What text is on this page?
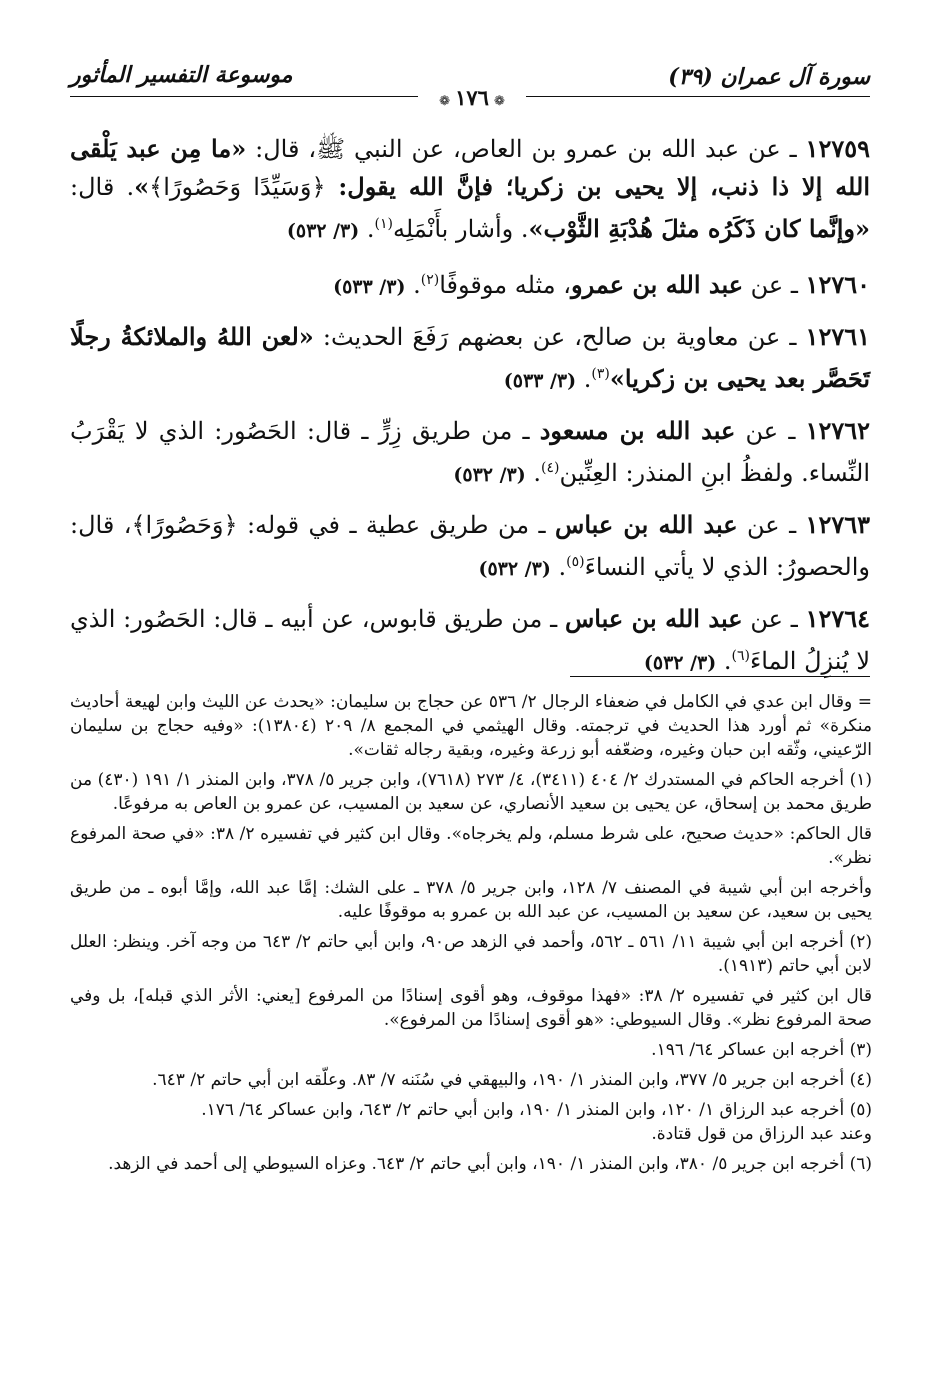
سورة آل عمران (٣٩)
موسوعة التفسير المأثور
❁ ١٧٦ ❁

١٢٧٥٩ ـ عن عبد الله بن عمرو بن العاص، عن النبي ﷺ، قال: «ما مِن عبد يَلْقى الله إلا ذا ذنب، إلا يحيى بن زكريا؛ فإنَّ الله يقول: ﴿وَسَيِّدًا وَحَصُورًا﴾». قال: «وإنَّما كان ذَكَرُه مثلَ هُدْبَةِ الثَّوْب». وأشار بأَنْمَلِه$^{(١)}$. (٣/ ٥٣٢)

١٢٧٦٠ ـ عن عبد الله بن عمرو، مثله موقوفًا$^{(٢)}$. (٣/ ٥٣٣)

١٢٧٦١ ـ عن معاوية بن صالح، عن بعضهم رَفَعَ الحديث: «لعن اللهُ والملائكةُ رجلًا تَحَصَّر بعد يحيى بن زكريا»$^{(٣)}$. (٣/ ٥٣٣)

١٢٧٦٢ ـ عن عبد الله بن مسعود ـ من طريق زِرٍّ ـ قال: الحَصُور: الذي لا يَقْرَبُ النِّساء. ولفظُ ابنِ المنذر: العِنِّين$^{(٤)}$. (٣/ ٥٣٢)

١٢٧٦٣ ـ عن عبد الله بن عباس ـ من طريق عطية ـ في قوله: ﴿وَحَصُورًا﴾، قال: والحصورُ: الذي لا يأتي النساءَ$^{(٥)}$. (٣/ ٥٣٢)

١٢٧٦٤ ـ عن عبد الله بن عباس ـ من طريق قابوس، عن أبيه ـ قال: الحَصُور: الذي لا يُنزِلُ الماءَ$^{(٦)}$. (٣/ ٥٣٢)

= وقال ابن عدي في الكامل في ضعفاء الرجال ٢/ ٥٣٦ عن حجاج بن سليمان: «يحدث عن الليث وابن لهيعة أحاديث منكرة» ثم أورد هذا الحديث في ترجمته. وقال الهيثمي في المجمع ٨/ ٢٠٩ (١٣٨٠٤): «وفيه حجاج بن سليمان الرّعيني، وثّقه ابن حبان وغيره، وضعّفه أبو زرعة وغيره، وبقية رجاله ثقات».

(١) أخرجه الحاكم في المستدرك ٢/ ٤٠٤ (٣٤١١)، ٤/ ٢٧٣ (٧٦١٨)، وابن جرير ٥/ ٣٧٨، وابن المنذر ١/ ١٩١ (٤٣٠) من طريق محمد بن إسحاق، عن يحيى بن سعيد الأنصاري، عن سعيد بن المسيب، عن عمرو بن العاص به مرفوعًا.

قال الحاكم: «حديث صحيح، على شرط مسلم، ولم يخرجاه». وقال ابن كثير في تفسيره ٢/ ٣٨: «في صحة المرفوع نظر».

وأخرجه ابن أبي شيبة في المصنف ٧/ ١٢٨، وابن جرير ٥/ ٣٧٨ ـ على الشك: إمَّا عبد الله، وإمَّا أبوه ـ من طريق يحيى بن سعيد، عن سعيد بن المسيب، عن عبد الله بن عمرو به موقوفًا عليه.

(٢) أخرجه ابن أبي شيبة ١١/ ٥٦١ ـ ٥٦٢، وأحمد في الزهد ص٩٠، وابن أبي حاتم ٢/ ٦٤٣ من وجه آخر. وينظر: العلل لابن أبي حاتم (١٩١٣).

قال ابن كثير في تفسيره ٢/ ٣٨: «فهذا موقوف، وهو أقوى إسنادًا من المرفوع [يعني: الأثر الذي قبله]، بل وفي صحة المرفوع نظر». وقال السيوطي: «هو أقوى إسنادًا من المرفوع».

(٣) أخرجه ابن عساكر ٦٤/ ١٩٦.

(٤) أخرجه ابن جرير ٥/ ٣٧٧، وابن المنذر ١/ ١٩٠، والبيهقي في سُنَنه ٧/ ٨٣. وعلّقه ابن أبي حاتم ٢/ ٦٤٣.

(٥) أخرجه عبد الرزاق ١/ ١٢٠، وابن المنذر ١/ ١٩٠، وابن أبي حاتم ٢/ ٦٤٣، وابن عساكر ٦٤/ ١٧٦.

وعند عبد الرزاق من قول قتادة.

(٦) أخرجه ابن جرير ٥/ ٣٨٠، وابن المنذر ١/ ١٩٠، وابن أبي حاتم ٢/ ٦٤٣. وعزاه السيوطي إلى أحمد في الزهد.
